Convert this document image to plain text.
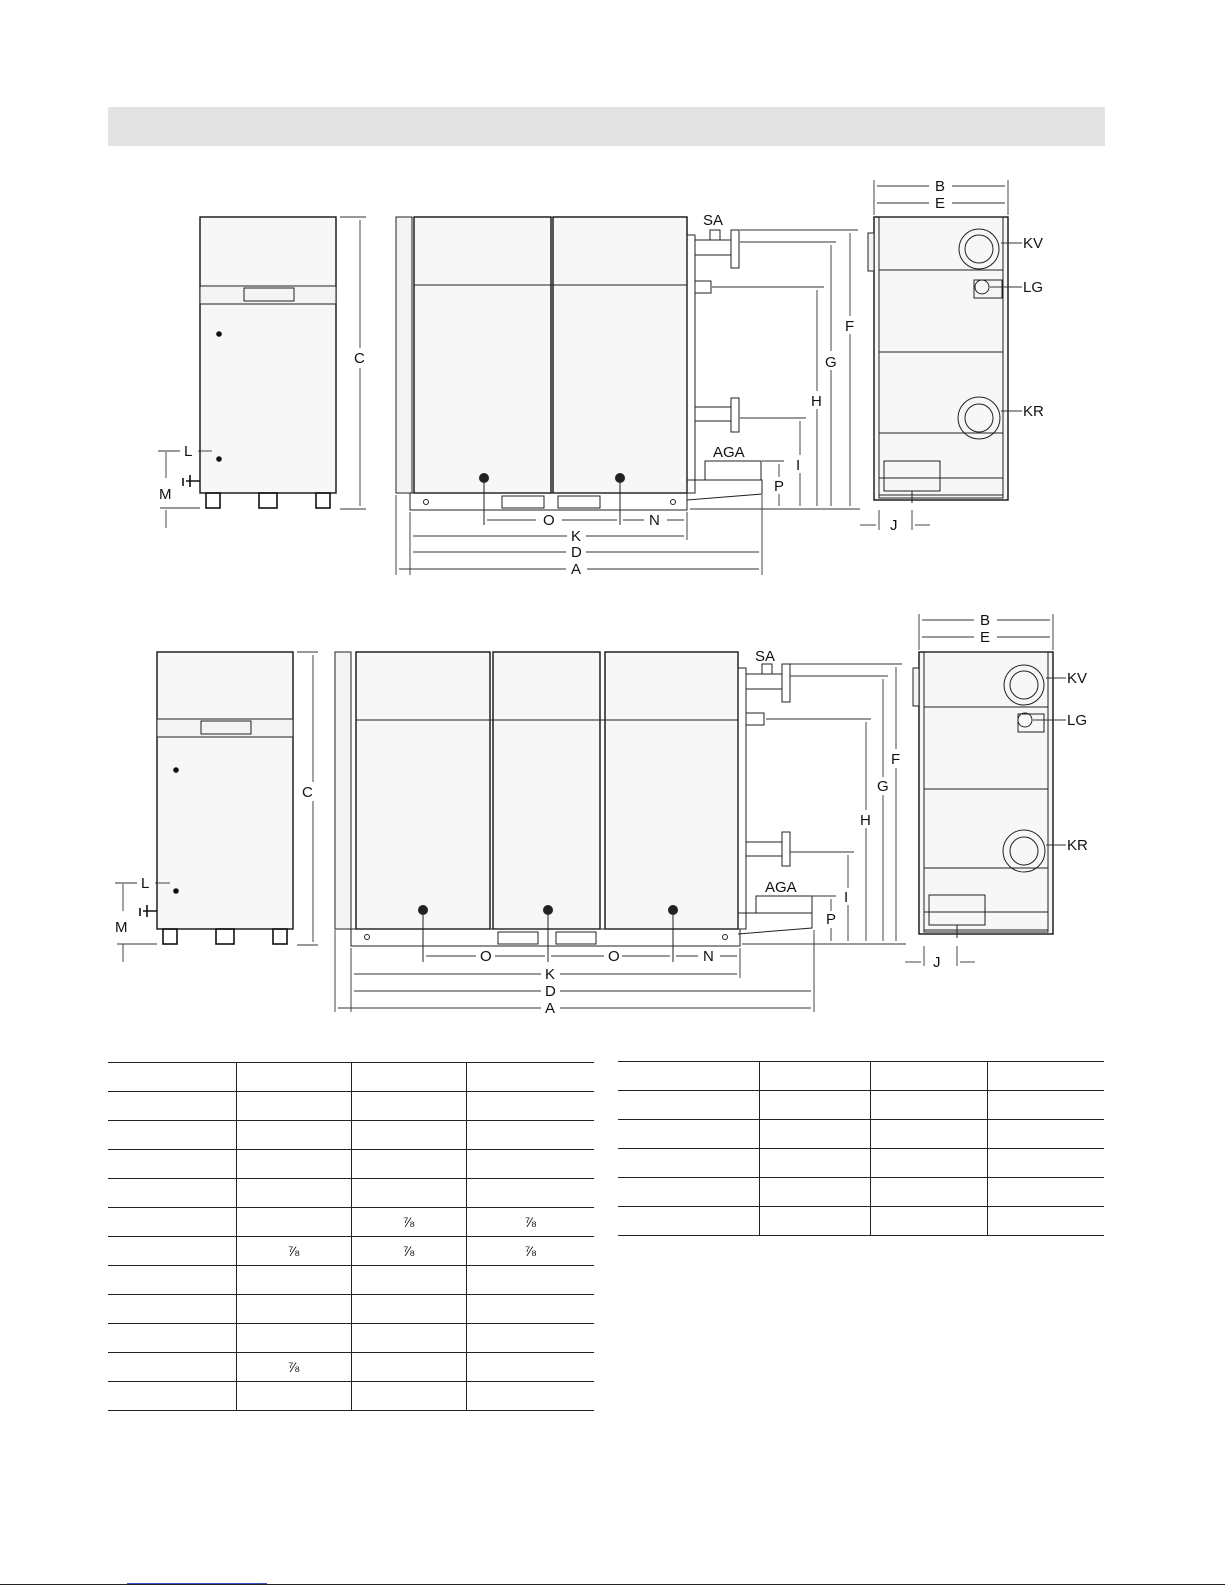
C
L
M
SA
AGA
P
I
H
G
F
O	N
K
D
A
B
E
KV
LG
KR
J
C
L
M
SA
AGA
P
I
H
G
F
O	O	N
K
D
A
B
E
KV
LG
KR
J

		⅞	⅞
	⅞	⅞	⅞

	⅞		
